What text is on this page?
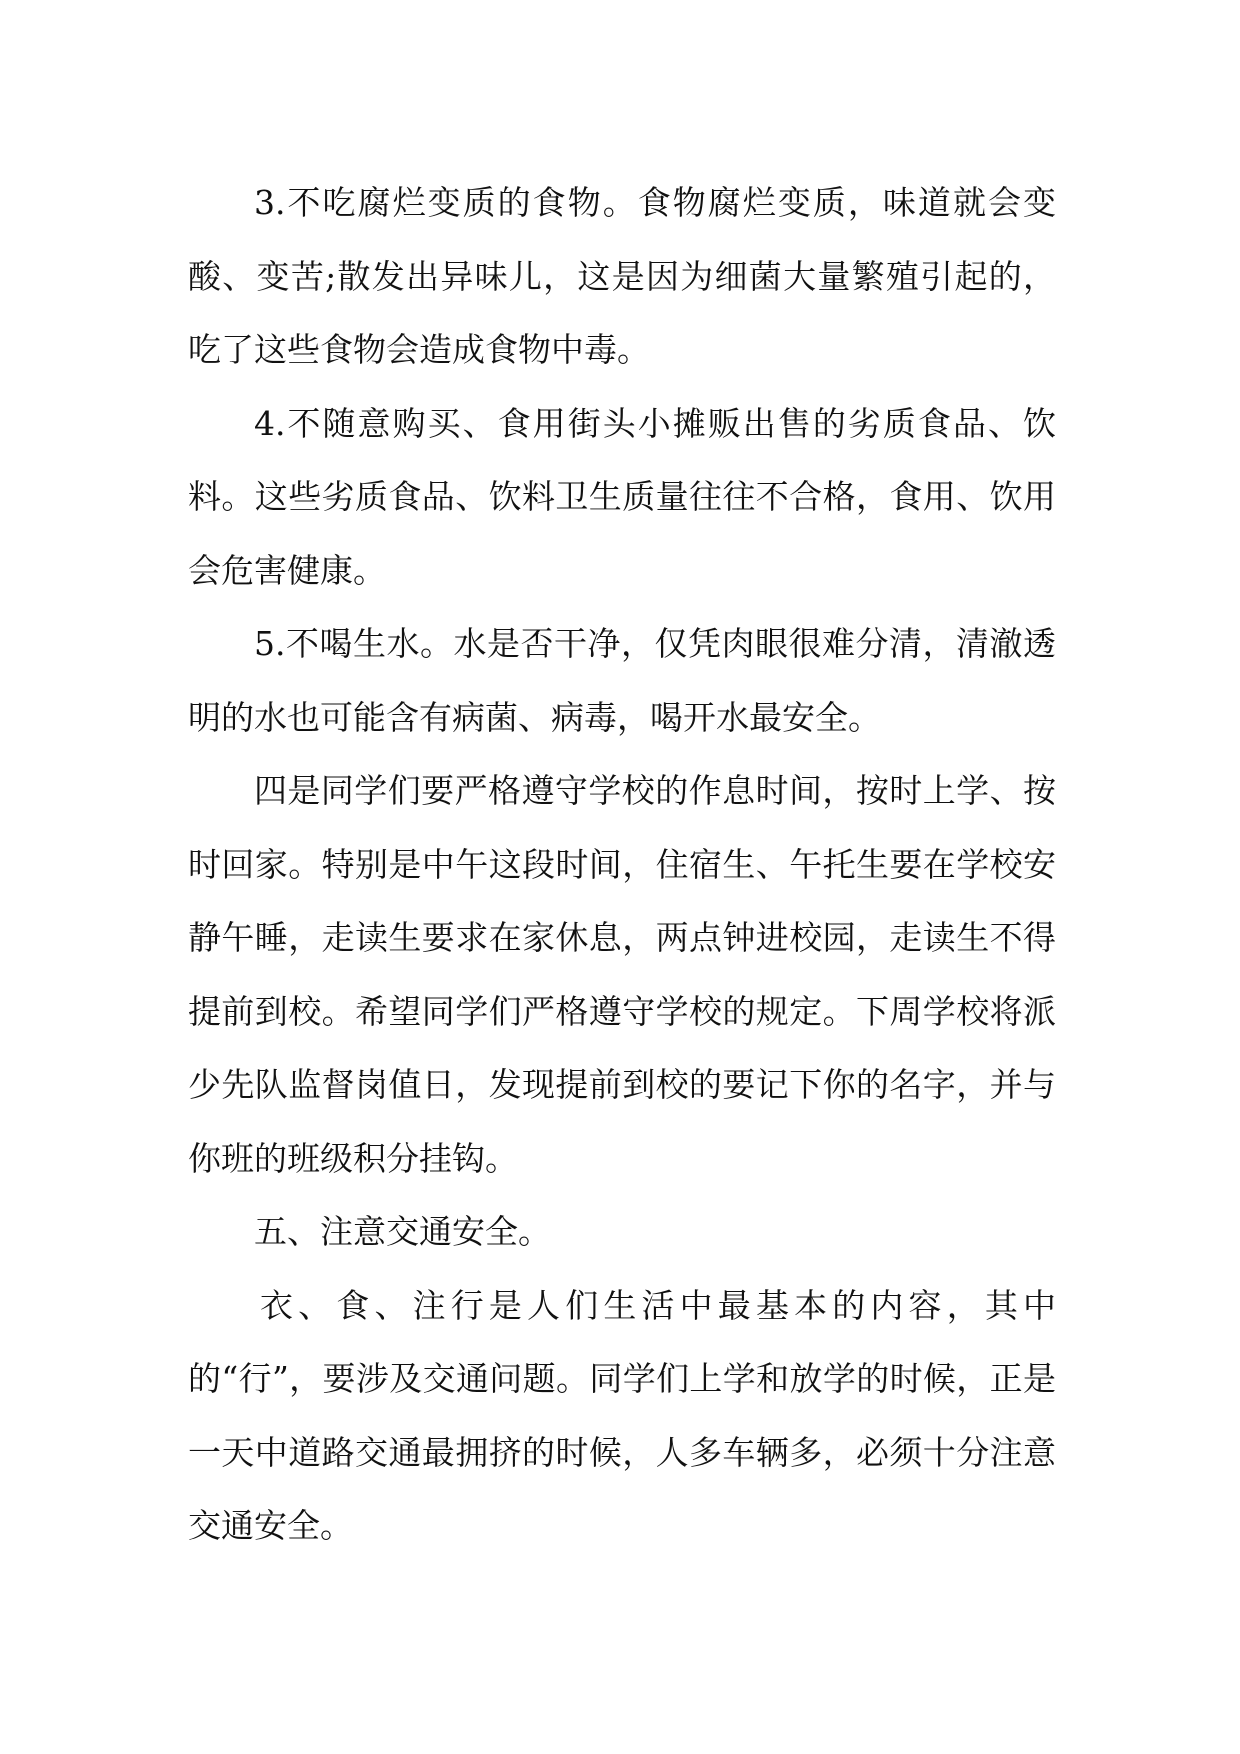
3.不吃腐烂变质的食物。食物腐烂变质，味道就会变酸、变苦;散发出异味儿，这是因为细菌大量繁殖引起的，吃了这些食物会造成食物中毒。

4.不随意购买、食用街头小摊贩出售的劣质食品、饮料。这些劣质食品、饮料卫生质量往往不合格，食用、饮用会危害健康。

5.不喝生水。水是否干净，仅凭肉眼很难分清，清澈透明的水也可能含有病菌、病毒，喝开水最安全。

四是同学们要严格遵守学校的作息时间，按时上学、按时回家。特别是中午这段时间，住宿生、午托生要在学校安静午睡，走读生要求在家休息，两点钟进校园，走读生不得提前到校。希望同学们严格遵守学校的规定。下周学校将派少先队监督岗值日，发现提前到校的要记下你的名字，并与你班的班级积分挂钩。

五、注意交通安全。

衣、食、注行是人们生活中最基本的内容，其中的“行”，要涉及交通问题。同学们上学和放学的时候，正是一天中道路交通最拥挤的时候，人多车辆多，必须十分注意交通安全。
